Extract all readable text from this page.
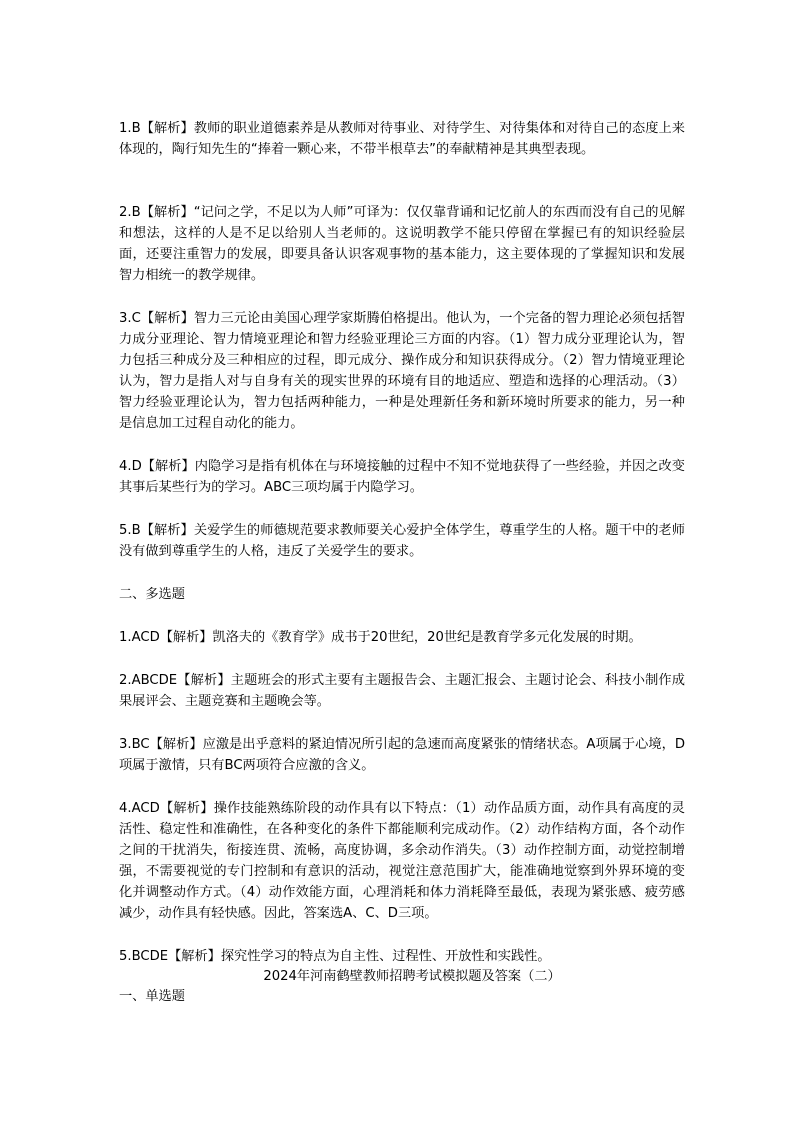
1.B【解析】教师的职业道德素养是从教师对待事业、对待学生、对待集体和对待自己的态度上来体现的，陶行知先生的“捧着一颗心来，不带半根草去”的奉献精神是其典型表现。

2.B【解析】“记问之学，不足以为人师”可译为：仅仅靠背诵和记忆前人的东西而没有自己的见解和想法，这样的人是不足以给别人当老师的。这说明教学不能只停留在掌握已有的知识经验层面，还要注重智力的发展，即要具备认识客观事物的基本能力，这主要体现的了掌握知识和发展智力相统一的教学规律。

3.C【解析】智力三元论由美国心理学家斯腾伯格提出。他认为，一个完备的智力理论必须包括智力成分亚理论、智力情境亚理论和智力经验亚理论三方面的内容。（1）智力成分亚理论认为，智力包括三种成分及三种相应的过程，即元成分、操作成分和知识获得成分。（2）智力情境亚理论认为，智力是指人对与自身有关的现实世界的环境有目的地适应、塑造和选择的心理活动。（3）智力经验亚理论认为，智力包括两种能力，一种是处理新任务和新环境时所要求的能力，另一种是信息加工过程自动化的能力。

4.D【解析】内隐学习是指有机体在与环境接触的过程中不知不觉地获得了一些经验，并因之改变其事后某些行为的学习。ABC三项均属于内隐学习。

5.B【解析】关爱学生的师德规范要求教师要关心爱护全体学生，尊重学生的人格。题干中的老师没有做到尊重学生的人格，违反了关爱学生的要求。

二、多选题

1.ACD【解析】凯洛夫的《教育学》成书于20世纪，20世纪是教育学多元化发展的时期。

2.ABCDE【解析】主题班会的形式主要有主题报告会、主题汇报会、主题讨论会、科技小制作成果展评会、主题竞赛和主题晚会等。

3.BC【解析】应激是出乎意料的紧迫情况所引起的急速而高度紧张的情绪状态。A项属于心境，D项属于激情，只有BC两项符合应激的含义。

4.ACD【解析】操作技能熟练阶段的动作具有以下特点：（1）动作品质方面，动作具有高度的灵活性、稳定性和准确性，在各种变化的条件下都能顺利完成动作。（2）动作结构方面，各个动作之间的干扰消失，衔接连贯、流畅，高度协调，多余动作消失。（3）动作控制方面，动觉控制增强，不需要视觉的专门控制和有意识的活动，视觉注意范围扩大，能准确地觉察到外界环境的变化并调整动作方式。（4）动作效能方面，心理消耗和体力消耗降至最低，表现为紧张感、疲劳感减少，动作具有轻快感。因此，答案选A、C、D三项。

5.BCDE【解析】探究性学习的特点为自主性、过程性、开放性和实践性。

2024年河南鹤壁教师招聘考试模拟题及答案（二）

一、单选题
